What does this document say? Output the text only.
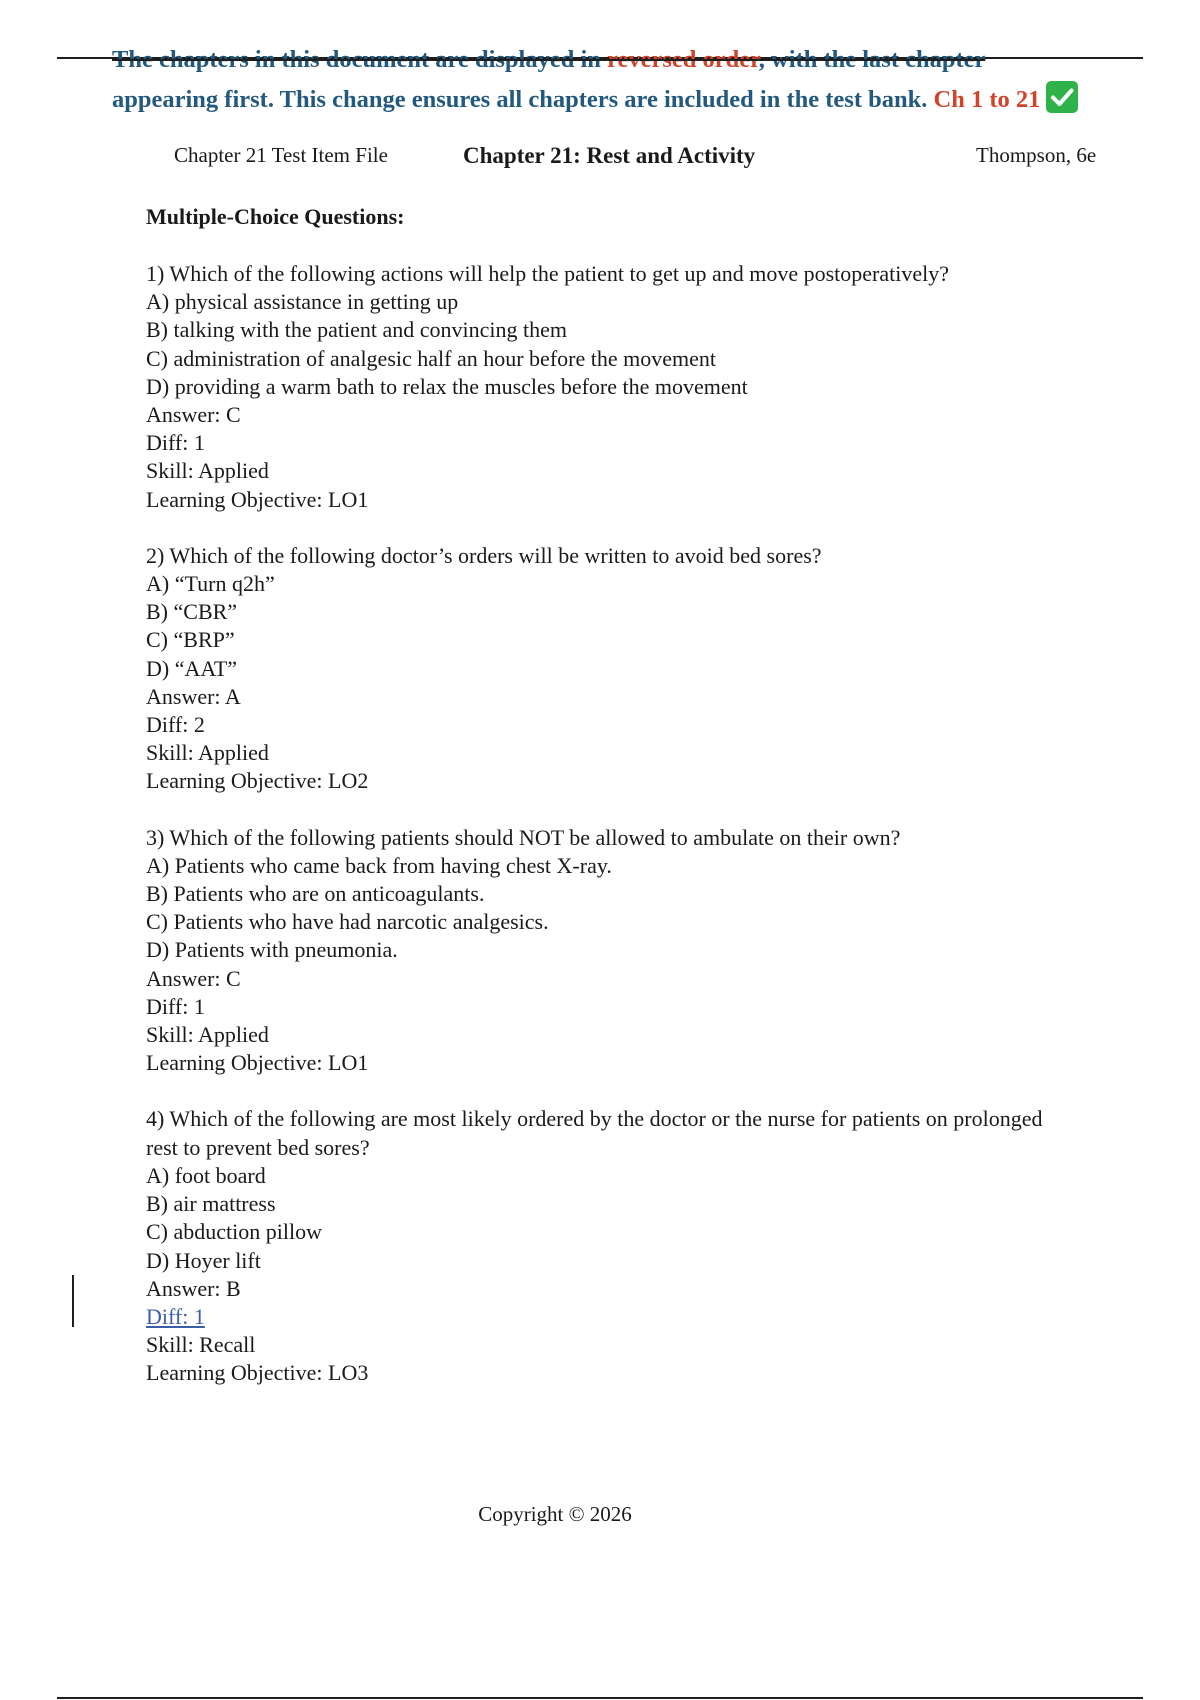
The chapters in this document are displayed in reversed order, with the last chapter
appearing first. This change ensures all chapters are included in the test bank. Ch 1 to 21
Chapter 21 Test Item File	Chapter 21: Rest and Activity	Thompson, 6e
Multiple-Choice Questions:
1) Which of the following actions will help the patient to get up and move postoperatively?
A) physical assistance in getting up
B) talking with the patient and convincing them
C) administration of analgesic half an hour before the movement
D) providing a warm bath to relax the muscles before the movement
Answer: C
Diff: 1
Skill: Applied
Learning Objective: LO1
2) Which of the following doctor’s orders will be written to avoid bed sores?
A) “Turn q2h”
B) “CBR”
C) “BRP”
D) “AAT”
Answer: A
Diff: 2
Skill: Applied
Learning Objective: LO2
3) Which of the following patients should NOT be allowed to ambulate on their own?
A) Patients who came back from having chest X-ray.
B) Patients who are on anticoagulants.
C) Patients who have had narcotic analgesics.
D) Patients with pneumonia.
Answer: C
Diff: 1
Skill: Applied
Learning Objective: LO1
4) Which of the following are most likely ordered by the doctor or the nurse for patients on prolonged rest to prevent bed sores?
A) foot board
B) air mattress
C) abduction pillow
D) Hoyer lift
Answer: B
Diff: 1
Skill: Recall
Learning Objective: LO3
Copyright © 2026
